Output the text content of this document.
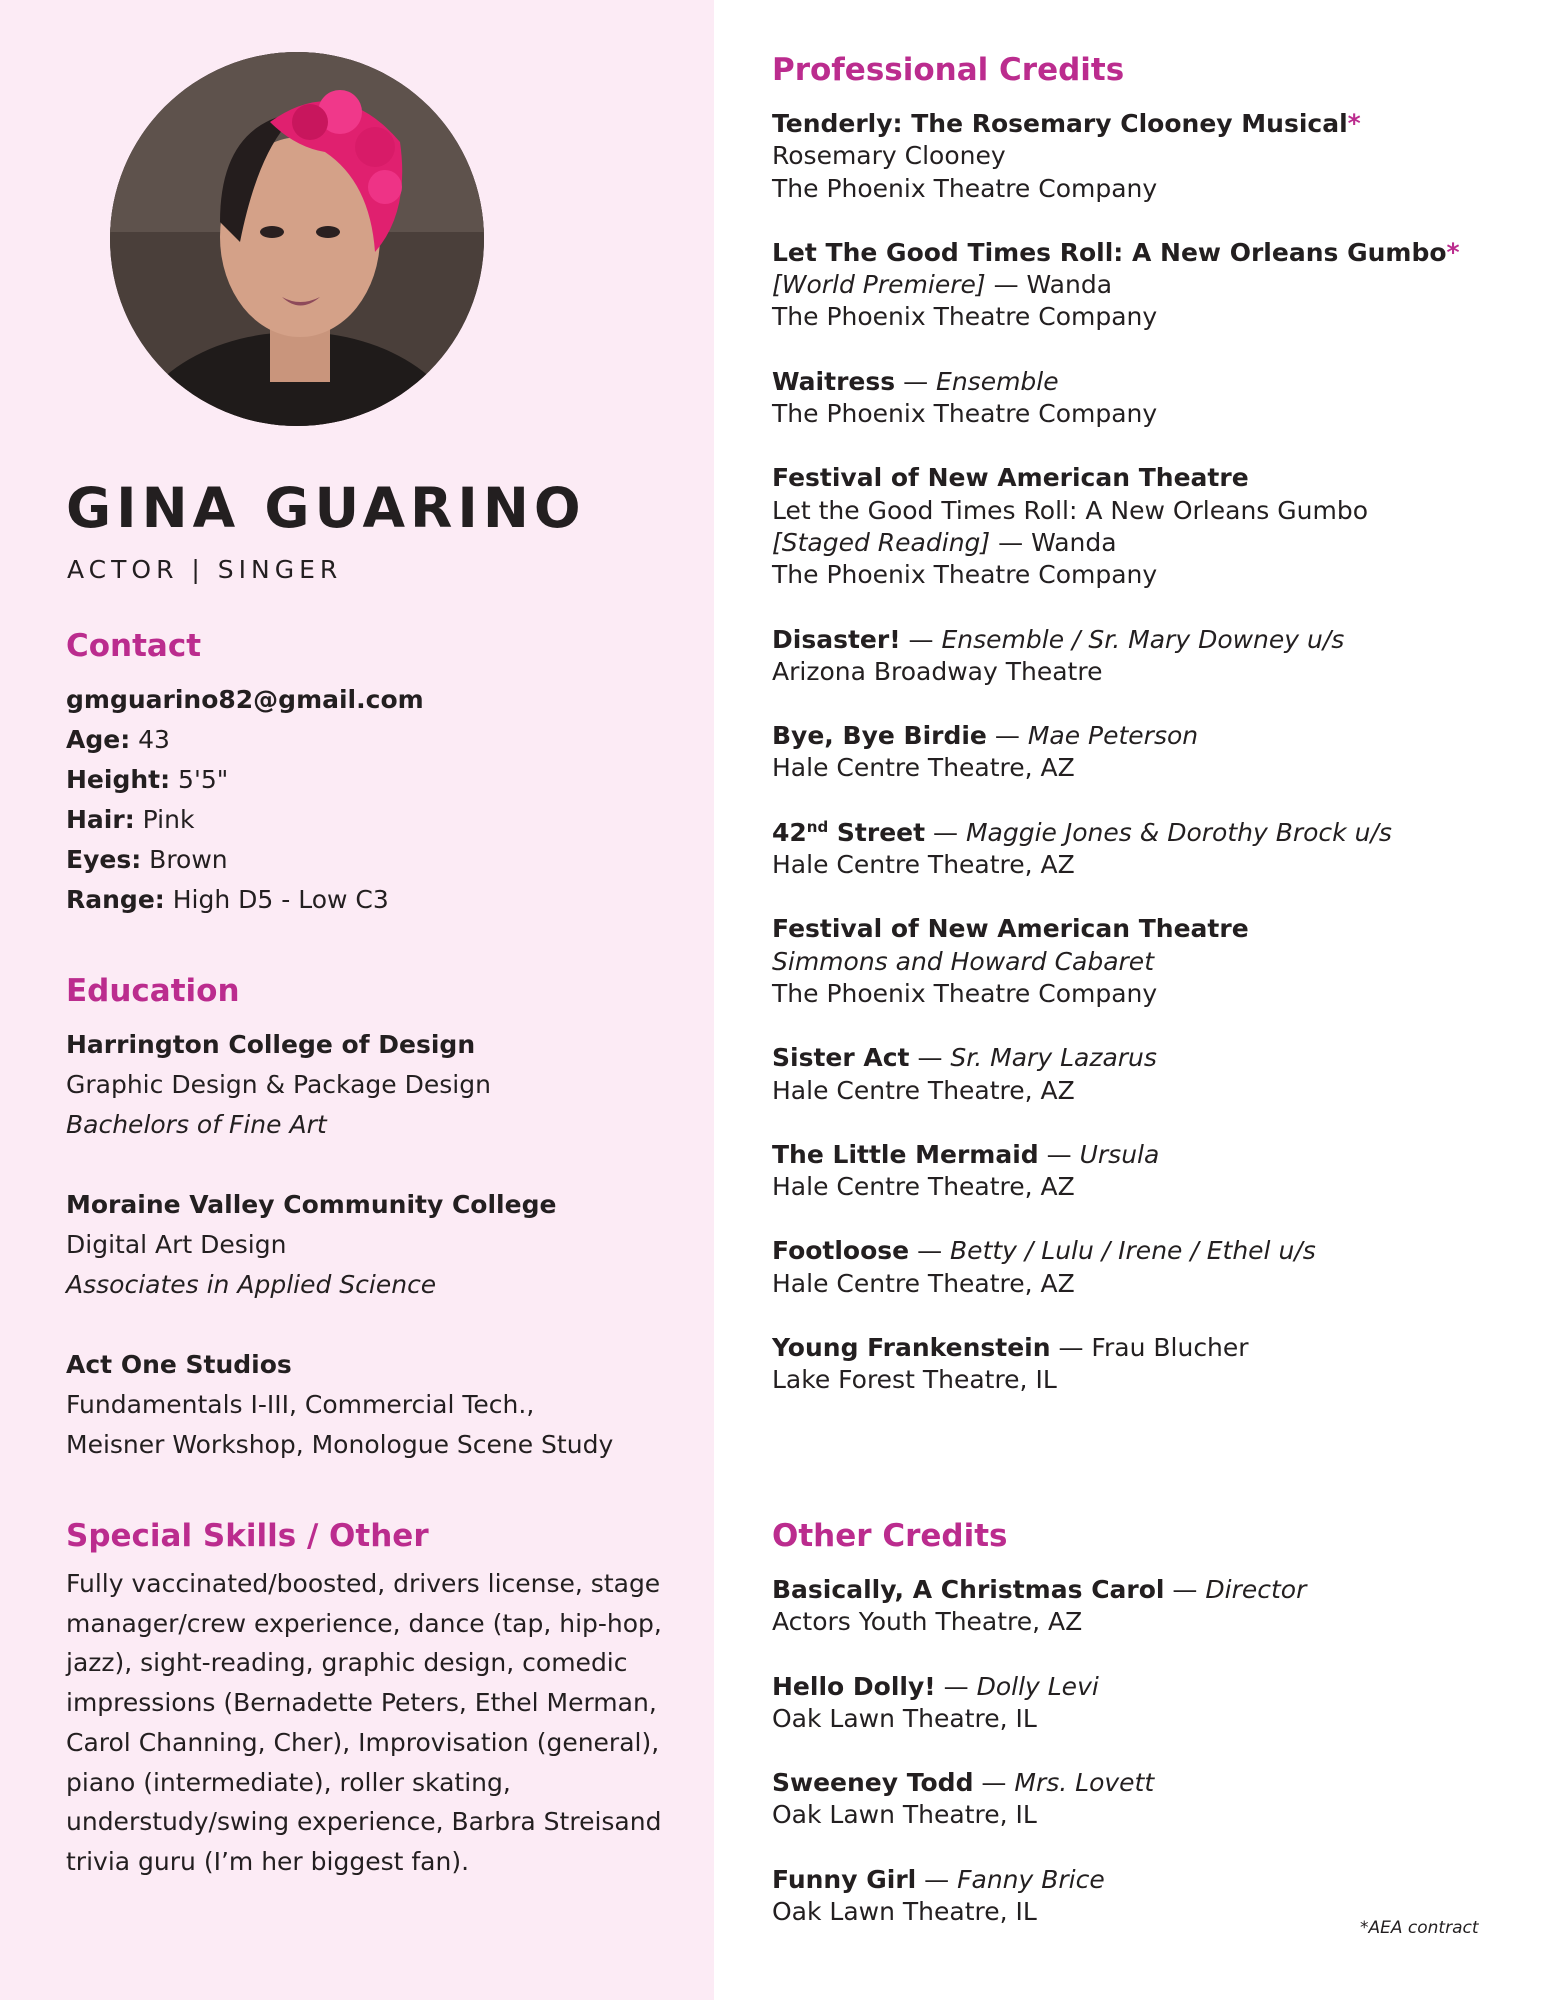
GINA GUARINO
ACTOR | SINGER
Contact
gmguarino82@gmail.com
Age: 43
Height: 5'5"
Hair: Pink
Eyes: Brown
Range: High D5 - Low C3
Education
Harrington College of Design
Graphic Design & Package Design
Bachelors of Fine Art
Moraine Valley Community College
Digital Art Design
Associates in Applied Science
Act One Studios
Fundamentals I-III, Commercial Tech.,
Meisner Workshop, Monologue Scene Study
Special Skills / Other
Fully vaccinated/boosted, drivers license, stage manager/crew experience, dance (tap, hip-hop, jazz), sight-reading, graphic design, comedic impressions (Bernadette Peters, Ethel Merman, Carol Channing, Cher), Improvisation (general), piano (intermediate), roller skating, understudy/swing experience, Barbra Streisand trivia guru (I’m her biggest fan).
Professional Credits
Tenderly: The Rosemary Clooney Musical*
Rosemary Clooney
The Phoenix Theatre Company
Let The Good Times Roll: A New Orleans Gumbo*
[World Premiere] — Wanda
The Phoenix Theatre Company
Waitress — Ensemble
The Phoenix Theatre Company
Festival of New American Theatre
Let the Good Times Roll: A New Orleans Gumbo
[Staged Reading] — Wanda
The Phoenix Theatre Company
Disaster! — Ensemble / Sr. Mary Downey u/s
Arizona Broadway Theatre
Bye, Bye Birdie — Mae Peterson
Hale Centre Theatre, AZ
42nd Street — Maggie Jones & Dorothy Brock u/s
Hale Centre Theatre, AZ
Festival of New American Theatre
Simmons and Howard Cabaret
The Phoenix Theatre Company
Sister Act — Sr. Mary Lazarus
Hale Centre Theatre, AZ
The Little Mermaid — Ursula
Hale Centre Theatre, AZ
Footloose — Betty / Lulu / Irene / Ethel u/s
Hale Centre Theatre, AZ
Young Frankenstein — Frau Blucher
Lake Forest Theatre, IL
Other Credits
Basically, A Christmas Carol — Director
Actors Youth Theatre, AZ
Hello Dolly! — Dolly Levi
Oak Lawn Theatre, IL
Sweeney Todd — Mrs. Lovett
Oak Lawn Theatre, IL
Funny Girl — Fanny Brice
Oak Lawn Theatre, IL
*AEA contract
